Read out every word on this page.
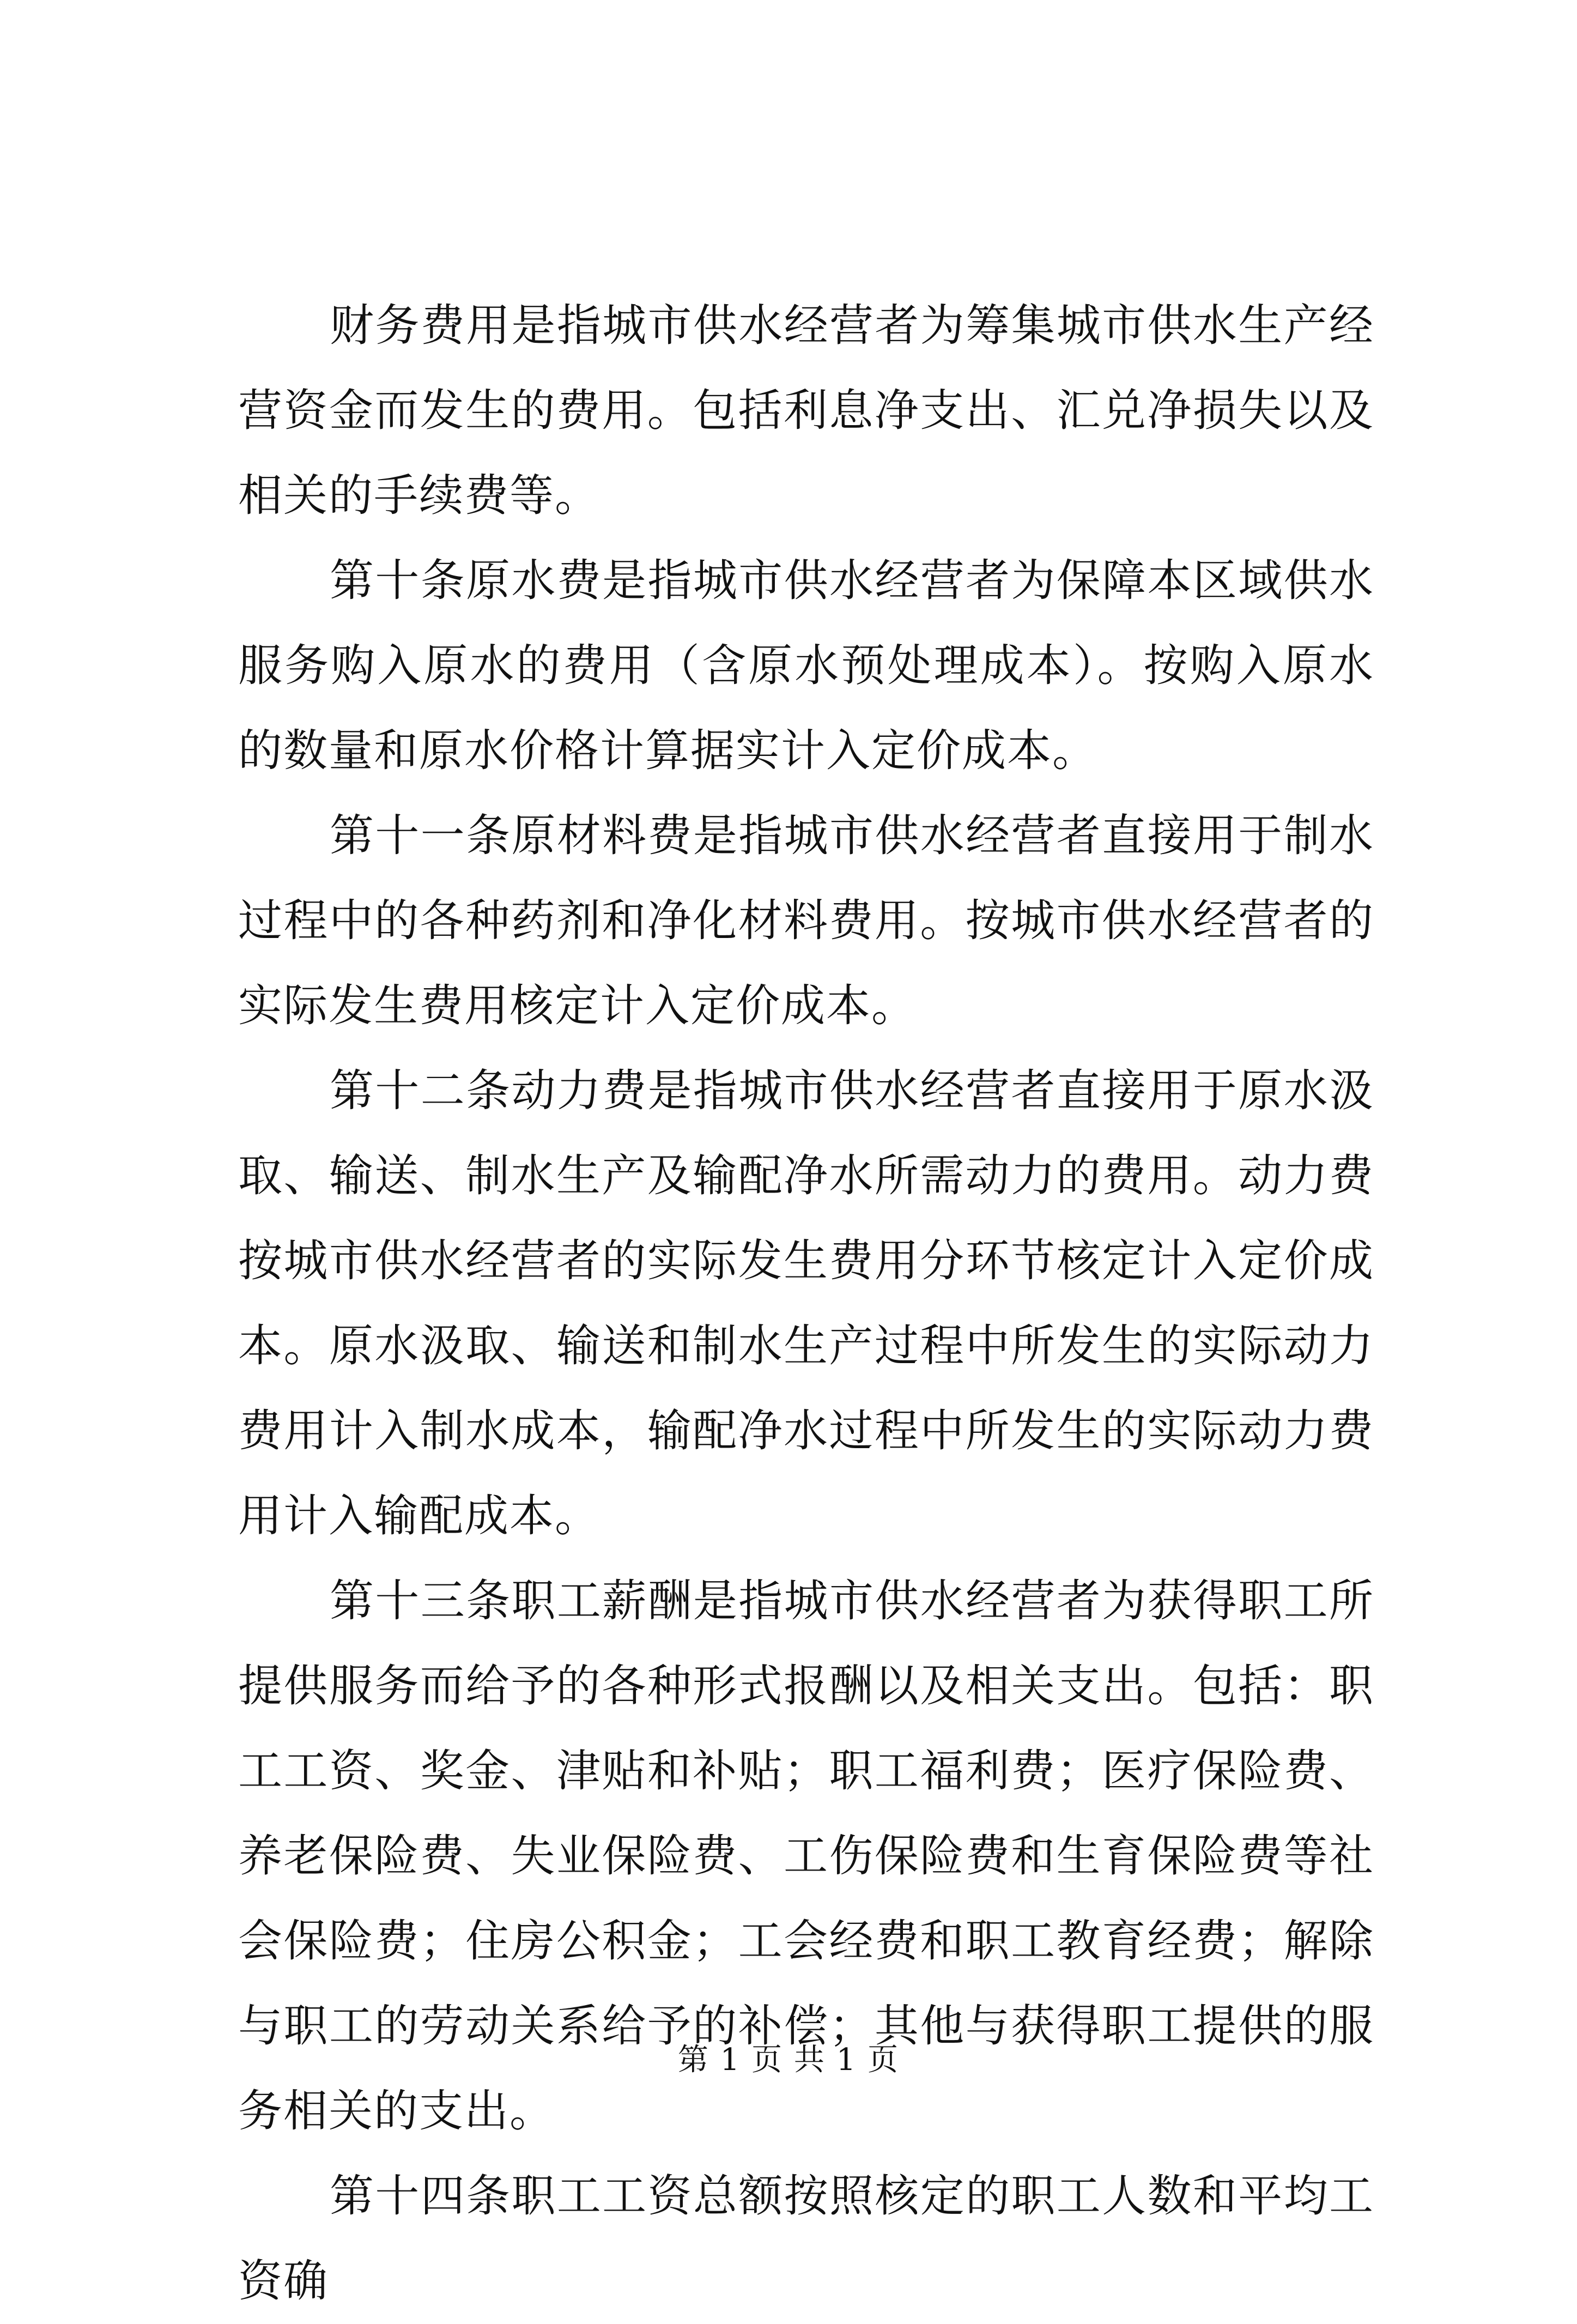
财务费用是指城市供水经营者为筹集城市供水生产经营资金而发生的费用。包括利息净支出、汇兑净损失以及相关的手续费等。

第十条原水费是指城市供水经营者为保障本区域供水服务购入原水的费用（含原水预处理成本）。按购入原水的数量和原水价格计算据实计入定价成本。

第十一条原材料费是指城市供水经营者直接用于制水过程中的各种药剂和净化材料费用。按城市供水经营者的实际发生费用核定计入定价成本。

第十二条动力费是指城市供水经营者直接用于原水汲取、输送、制水生产及输配净水所需动力的费用。动力费按城市供水经营者的实际发生费用分环节核定计入定价成本。原水汲取、输送和制水生产过程中所发生的实际动力费用计入制水成本，输配净水过程中所发生的实际动力费用计入输配成本。

第十三条职工薪酬是指城市供水经营者为获得职工所提供服务而给予的各种形式报酬以及相关支出。包括：职工工资、奖金、津贴和补贴；职工福利费；医疗保险费、养老保险费、失业保险费、工伤保险费和生育保险费等社会保险费；住房公积金；工会经费和职工教育经费；解除与职工的劳动关系给予的补偿；其他与获得职工提供的服务相关的支出。

第十四条职工工资总额按照核定的职工人数和平均工资确

第 1 页 共 1 页
